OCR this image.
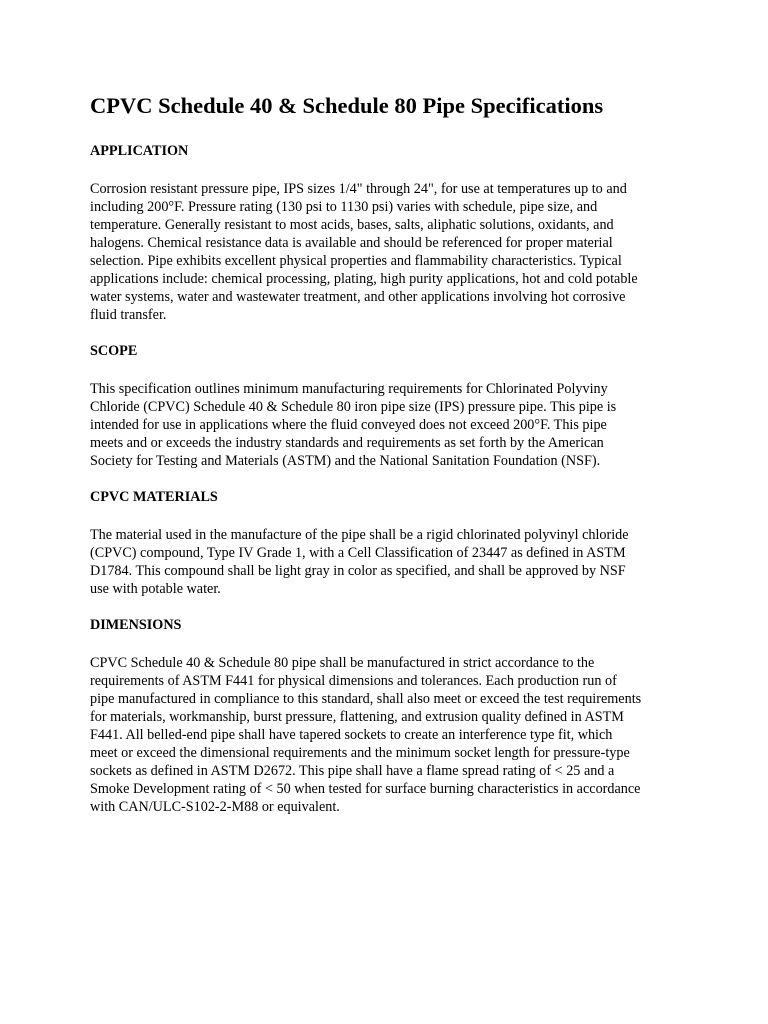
CPVC Schedule 40 & Schedule 80 Pipe Specifications
APPLICATION

Corrosion resistant pressure pipe, IPS sizes 1/4" through 24", for use at temperatures up to and
including 200°F. Pressure rating (130 psi to 1130 psi) varies with schedule, pipe size, and
temperature. Generally resistant to most acids, bases, salts, aliphatic solutions, oxidants, and
halogens. Chemical resistance data is available and should be referenced for proper material
selection. Pipe exhibits excellent physical properties and flammability characteristics. Typical
applications include: chemical processing, plating, high purity applications, hot and cold potable
water systems, water and wastewater treatment, and other applications involving hot corrosive
fluid transfer.

SCOPE

This specification outlines minimum manufacturing requirements for Chlorinated Polyviny
Chloride (CPVC) Schedule 40 & Schedule 80 iron pipe size (IPS) pressure pipe. This pipe is
intended for use in applications where the fluid conveyed does not exceed 200°F. This pipe
meets and or exceeds the industry standards and requirements as set forth by the American
Society for Testing and Materials (ASTM) and the National Sanitation Foundation (NSF).

CPVC MATERIALS

The material used in the manufacture of the pipe shall be a rigid chlorinated polyvinyl chloride
(CPVC) compound, Type IV Grade 1, with a Cell Classification of 23447 as defined in ASTM
D1784. This compound shall be light gray in color as specified, and shall be approved by NSF
use with potable water.

DIMENSIONS

CPVC Schedule 40 & Schedule 80 pipe shall be manufactured in strict accordance to the
requirements of ASTM F441 for physical dimensions and tolerances. Each production run of
pipe manufactured in compliance to this standard, shall also meet or exceed the test requirements
for materials, workmanship, burst pressure, flattening, and extrusion quality defined in ASTM
F441. All belled-end pipe shall have tapered sockets to create an interference type fit, which
meet or exceed the dimensional requirements and the minimum socket length for pressure-type
sockets as defined in ASTM D2672. This pipe shall have a flame spread rating of < 25 and a
Smoke Development rating of < 50 when tested for surface burning characteristics in accordance
with CAN/ULC-S102-2-M88 or equivalent.
